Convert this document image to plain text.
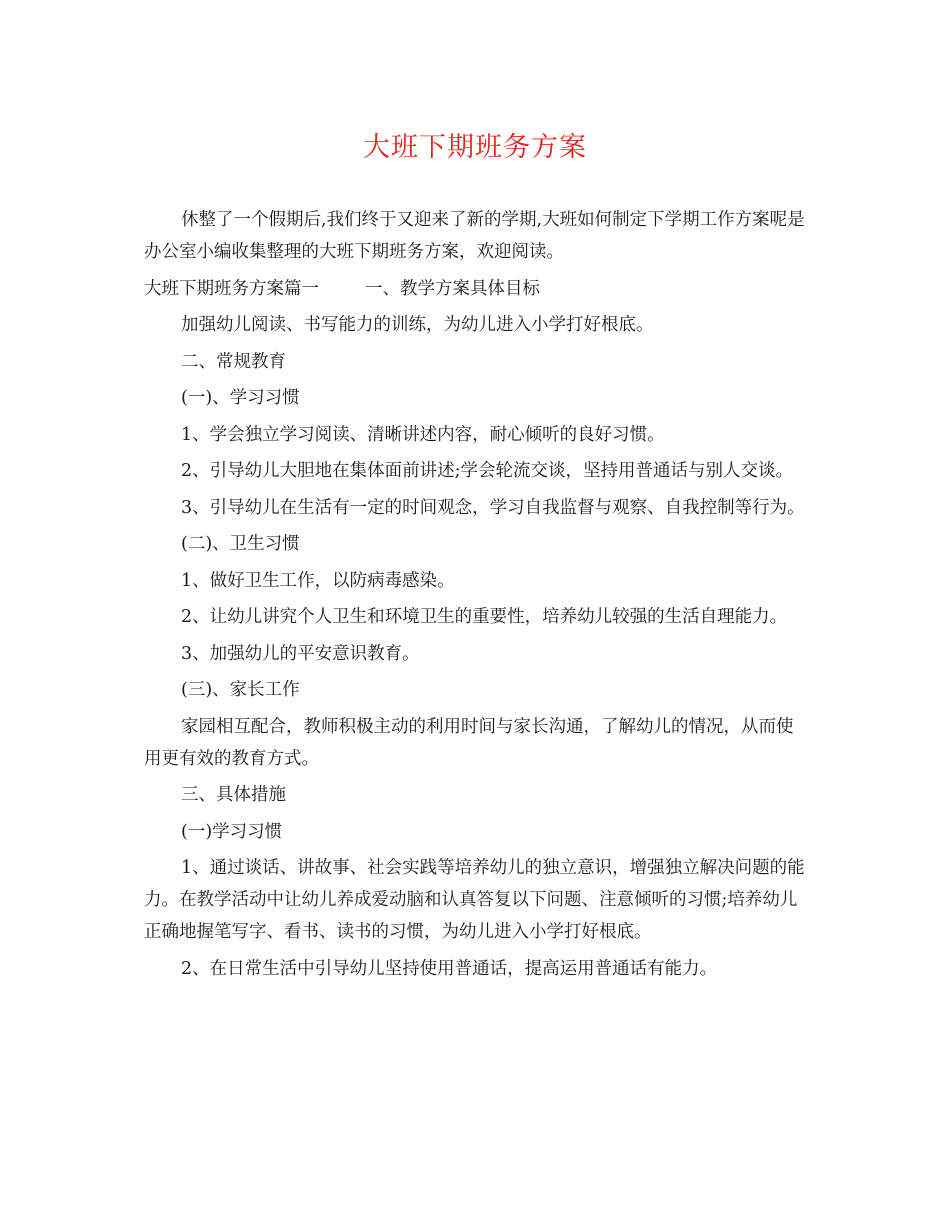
大班下期班务方案

休整了一个假期后,我们终于又迎来了新的学期,大班如何制定下学期工作方案呢是办公室小编收集整理的大班下期班务方案，欢迎阅读。

大班下期班务方案篇一	一、教学方案具体目标

加强幼儿阅读、书写能力的训练，为幼儿进入小学打好根底。

二、常规教育

(一)、学习习惯

1、学会独立学习阅读、清晰讲述内容，耐心倾听的良好习惯。

2、引导幼儿大胆地在集体面前讲述;学会轮流交谈，坚持用普通话与别人交谈。

3、引导幼儿在生活有一定的时间观念，学习自我监督与观察、自我控制等行为。

(二)、卫生习惯

1、做好卫生工作，以防病毒感染。

2、让幼儿讲究个人卫生和环境卫生的重要性，培养幼儿较强的生活自理能力。

3、加强幼儿的平安意识教育。

(三)、家长工作

家园相互配合，教师积极主动的利用时间与家长沟通，了解幼儿的情况，从而使用更有效的教育方式。

三、具体措施

(一)学习习惯

1、通过谈话、讲故事、社会实践等培养幼儿的独立意识，增强独立解决问题的能力。在教学活动中让幼儿养成爱动脑和认真答复以下问题、注意倾听的习惯;培养幼儿正确地握笔写字、看书、读书的习惯，为幼儿进入小学打好根底。

2、在日常生活中引导幼儿坚持使用普通话，提高运用普通话有能力。
